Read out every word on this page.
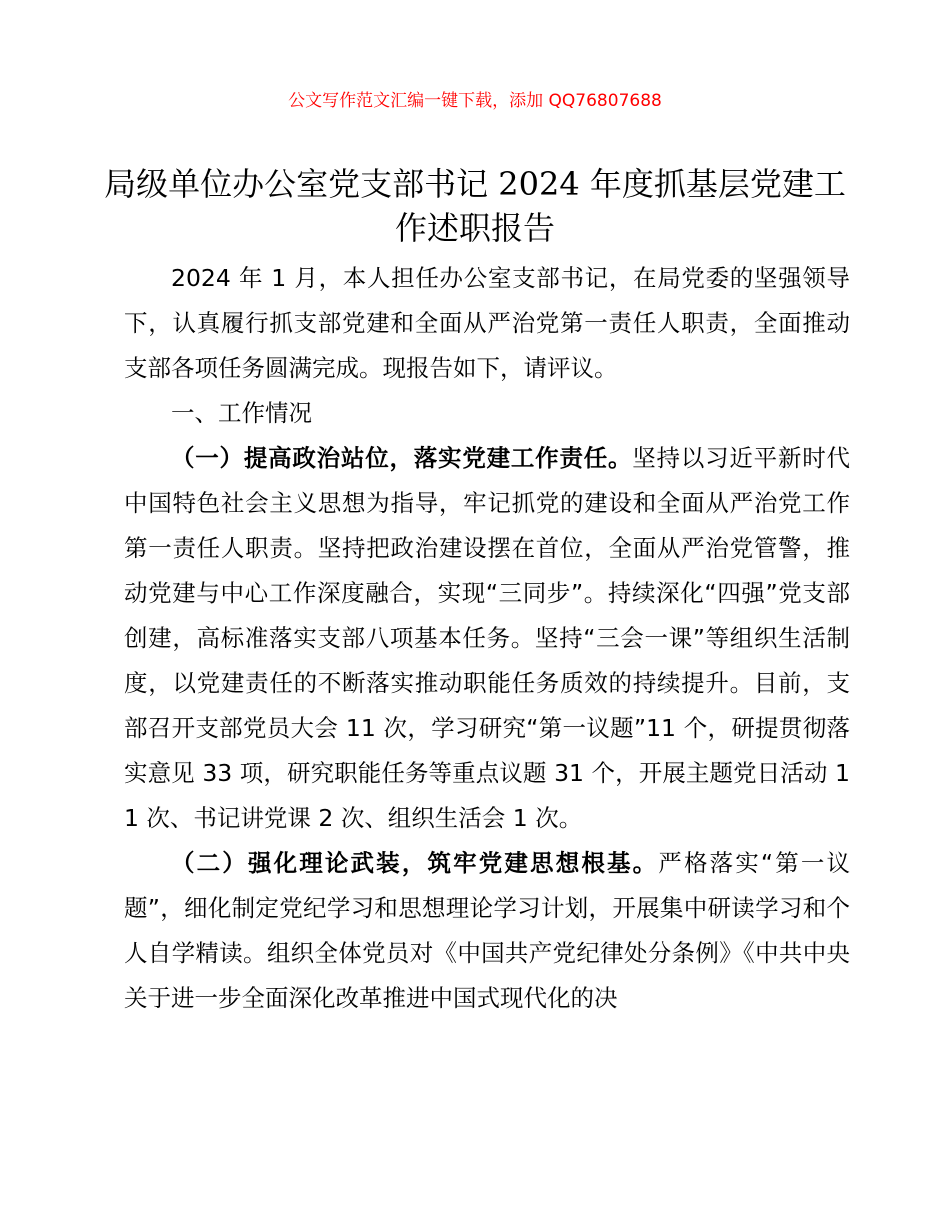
公文写作范文汇编一键下载，添加 QQ76807688
局级单位办公室党支部书记 2024 年度抓基层党建工作述职报告

2024 年 1 月，本人担任办公室支部书记，在局党委的坚强领导下，认真履行抓支部党建和全面从严治党第一责任人职责，全面推动支部各项任务圆满完成。现报告如下，请评议。

一、工作情况

（一）提高政治站位，落实党建工作责任。坚持以习近平新时代中国特色社会主义思想为指导，牢记抓党的建设和全面从严治党工作第一责任人职责。坚持把政治建设摆在首位，全面从严治党管警，推动党建与中心工作深度融合，实现“三同步”。持续深化“四强”党支部创建，高标准落实支部八项基本任务。坚持“三会一课”等组织生活制度，以党建责任的不断落实推动职能任务质效的持续提升。目前，支部召开支部党员大会 11 次，学习研究“第一议题”11 个，研提贯彻落实意见 33 项，研究职能任务等重点议题 31 个，开展主题党日活动 11 次、书记讲党课 2 次、组织生活会 1 次。

（二）强化理论武装，筑牢党建思想根基。严格落实“第一议题”，细化制定党纪学习和思想理论学习计划，开展集中研读学习和个人自学精读。组织全体党员对《中国共产党纪律处分条例》《中共中央关于进一步全面深化改革推进中国式现代化的决
